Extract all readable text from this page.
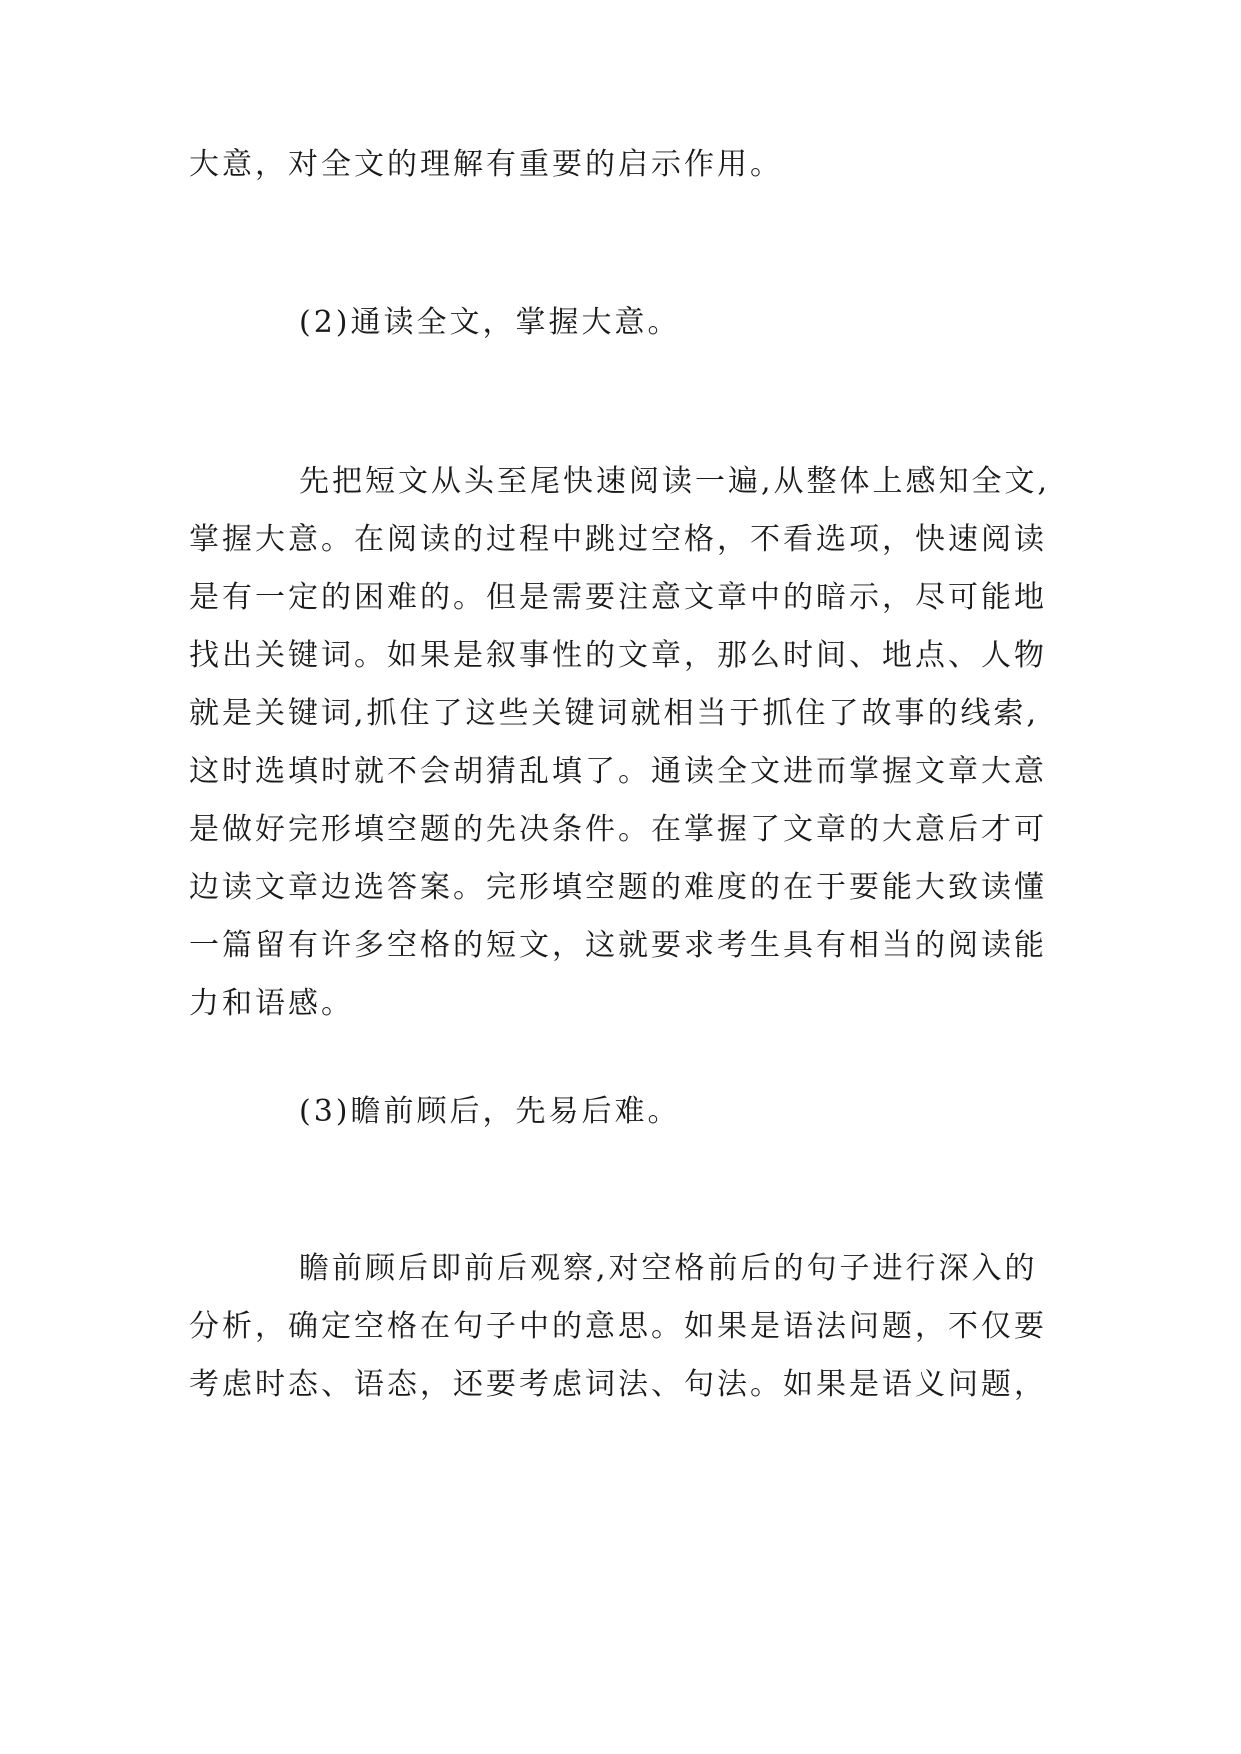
大意，对全文的理解有重要的启示作用。
(2)通读全文，掌握大意。
先把短文从头至尾快速阅读一遍,从整体上感知全文,
掌握大意。在阅读的过程中跳过空格，不看选项，快速阅读
是有一定的困难的。但是需要注意文章中的暗示，尽可能地
找出关键词。如果是叙事性的文章，那么时间、地点、人物
就是关键词,抓住了这些关键词就相当于抓住了故事的线索,
这时选填时就不会胡猜乱填了。通读全文进而掌握文章大意
是做好完形填空题的先决条件。在掌握了文章的大意后才可
边读文章边选答案。完形填空题的难度的在于要能大致读懂
一篇留有许多空格的短文，这就要求考生具有相当的阅读能
力和语感。
(3)瞻前顾后，先易后难。
瞻前顾后即前后观察,对空格前后的句子进行深入的
分析，确定空格在句子中的意思。如果是语法问题，不仅要
考虑时态、语态，还要考虑词法、句法。如果是语义问题，
